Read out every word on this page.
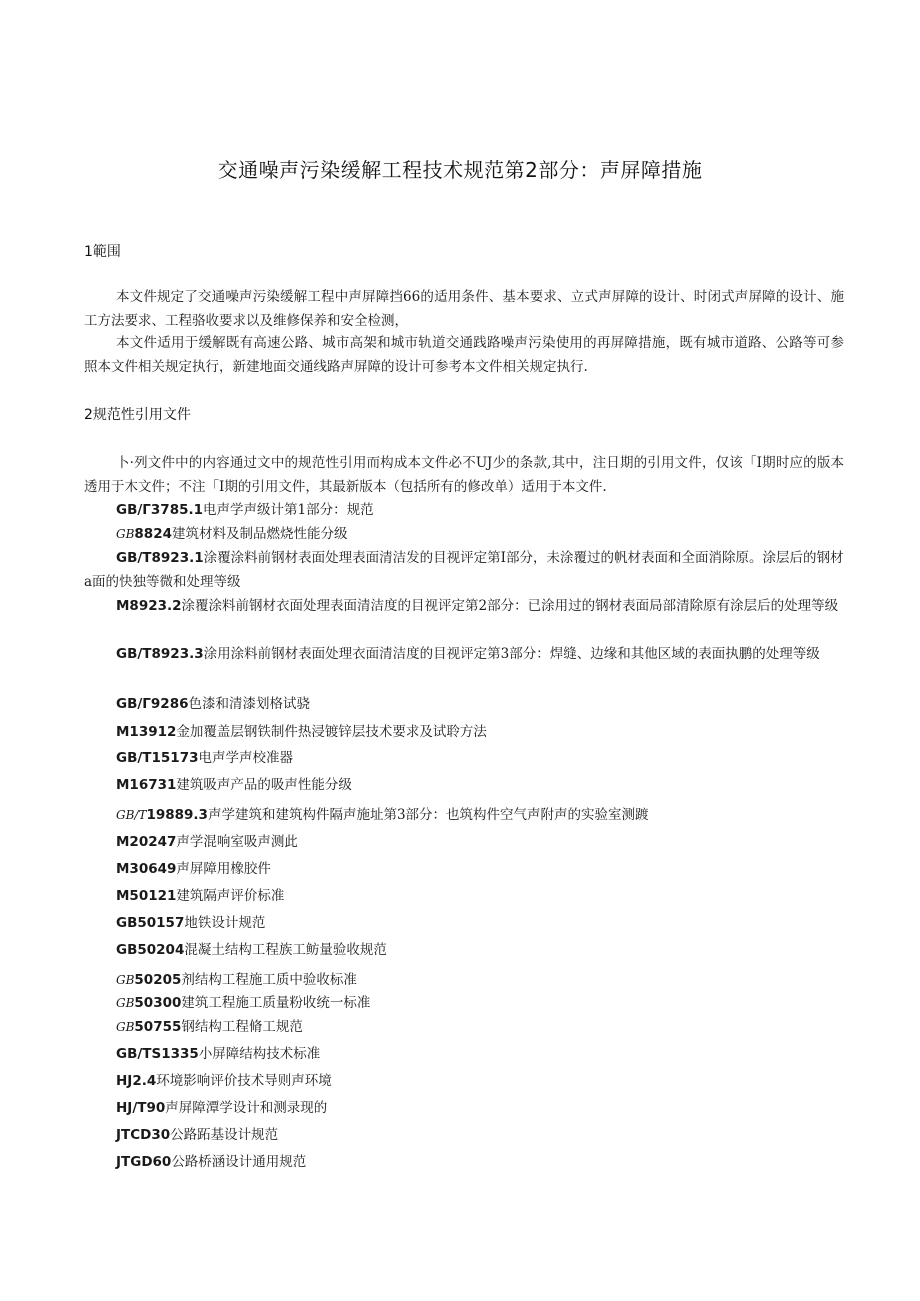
交通噪声污染缓解工程技术规范第2部分：声屏障措施
1範围
本文件规定了交通噪声污染缓解工程中声屏障挡66的适用条件、基本要求、立式声屏障的设计、时闭式声屏障的设计、施工方法要求、工程骆收要求以及维修保养和安全检测，
本文件适用于缓解既有高速公路、城市高架和城市轨道交通践路噪声污染使用的再屏障措施，既有城市道路、公路等可参照本文件相关规定执行，新建地面交通线路声屏障的设计可参考本文件相关规定执行.
2规范性引用文件
卜·列文件中的内容通过文中的规范性引用而构成本文件必不UJ少的条款,其中，注日期的引用文件，仅该「I期时应的版本透用于木文件；不注「I期的引用文件，其最新版本（包括所有的修改单）适用于本文件.
GB/Γ3785.1电声学声级计第1部分：规范
GB8824建筑材料及制品燃烧性能分级
GB/T8923.1涂覆涂料前钢材表面处理表面清洁发的目视评定第I部分，未涂覆过的帆材表面和全面消除原。涂层后的钢材a面的快独等微和处理等级
M8923.2涂覆涂料前钢材衣面处理表面清洁度的目视评定第2部分：已涂用过的钢材表面局部清除原有涂层后的处理等级
GB/T8923.3涂用涂料前钢材表面处理衣面清洁度的目视评定第3部分：焊缝、边缘和其他区域的表面执鹏的处理等级
GB/Γ9286色漆和清漆划格试骁
M13912金加覆盖层钢铁制件热浸镀锌层技术要求及试聆方法
GB/T15173电声学声校准器
M16731建筑吸声产品的吸声性能分级
GB/T19889.3声学建筑和建筑构件隔声施址第3部分：也筑构件空气声附声的实验室测踱
M20247声学混响室吸声测此
M30649声屏障用橡胶件
M50121建筑隔声评价标准
GB50157地铁设计规范
GB50204混凝土结构工程族工鲂量验收规范
GB50205剂结构工程施工质中验收标准
GB50300建筑工程施工质量粉收统一标准
GB50755钢结构工程脩工规范
GB/TS1335小屏障结构技术标准
HJ2.4环境影响评价技术导则声环境
HJ/T90声屏障潭学设计和测录现的
JTCD30公路跖基设计规范
JTGD60公路桥涵设计通用规范
